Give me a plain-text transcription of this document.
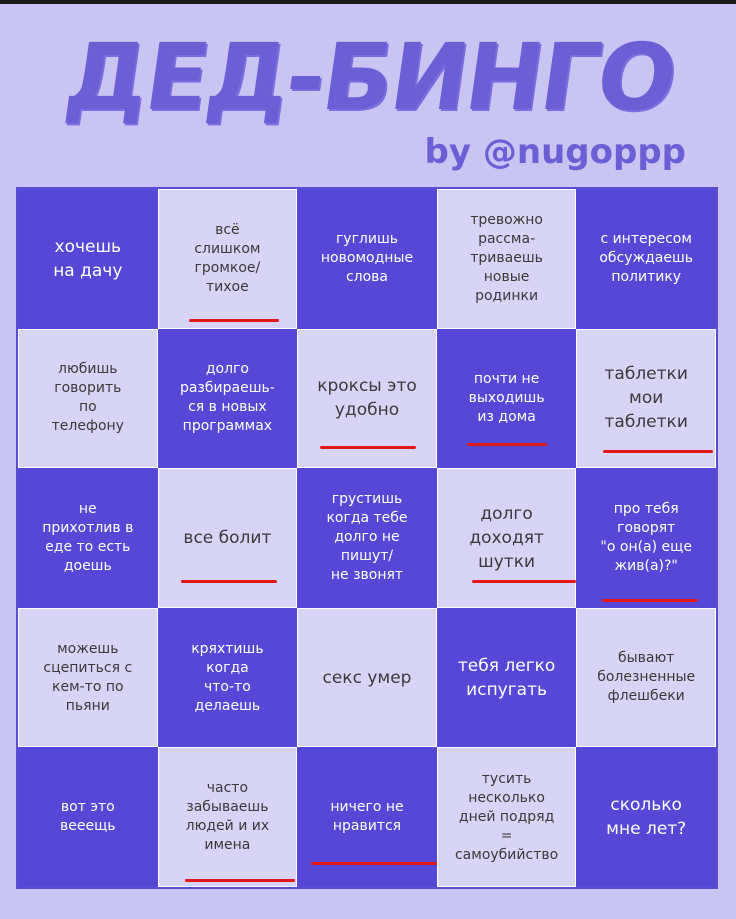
ДЕД-БИНГО
by @nugoppp
хочешь
на дачу
всё
слишком
громкое/
тихое
гуглишь
новомодные
слова
тревожно
рассма-
триваешь
новые
родинки
с интересом
обсуждаешь
политику
любишь
говорить
по
телефону
долго
разбираешь-
ся в новых
программах
кроксы это
удобно
почти не
выходишь
из дома
таблетки
мои
таблетки
не
прихотлив в
еде то есть
доешь
все болит
грустишь
когда тебе
долго не
пишут/
не звонят
долго
доходят
шутки
про тебя
говорят
"о он(а) еще
жив(а)?"
можешь
сцепиться с
кем-то по
пьяни
кряхтишь
когда
что-то
делаешь
секс умер
тебя легко
испугать
бывают
болезненные
флешбеки
вот это
вееещь
часто
забываешь
людей и их
имена
ничего не
нравится
тусить
несколько
дней подряд
=
самоубийство
сколько
мне лет?
